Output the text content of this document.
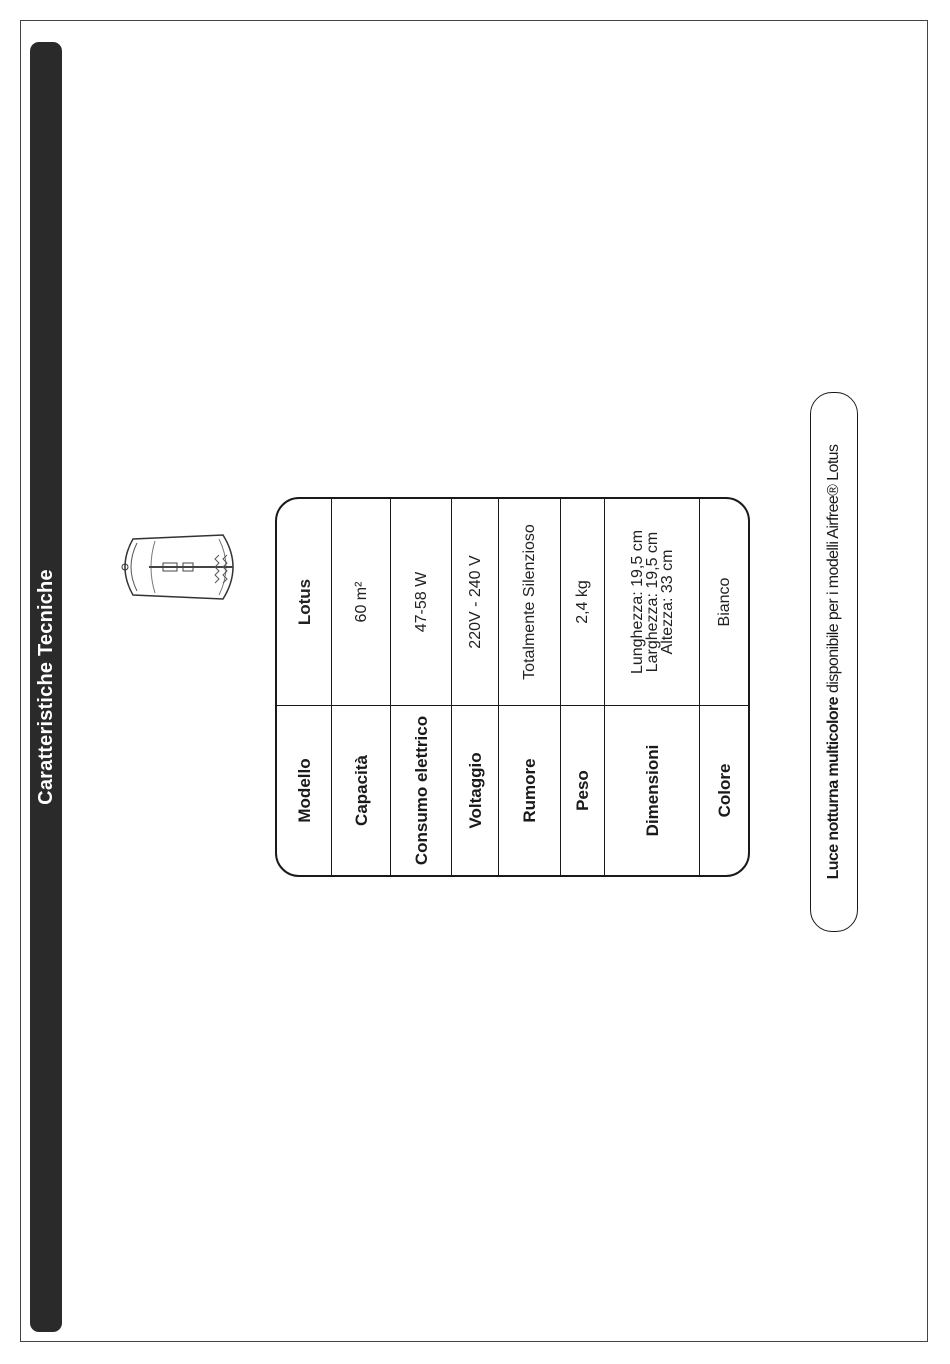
Caratteristiche Tecniche	Modello
Lotus
Capacità
60 m²
Consumo elettrico
47-58 W
Voltaggio
220V - 240 V
Rumore
Totalmente Silenzioso
Peso
2,4 kg
Dimensioni
Lunghezza: 19,5 cm Larghezza: 19,5 cm Altezza: 33 cm
Colore
Bianco
Luce notturna multicolore
disponibile per i modelli Airfree® Lotus
